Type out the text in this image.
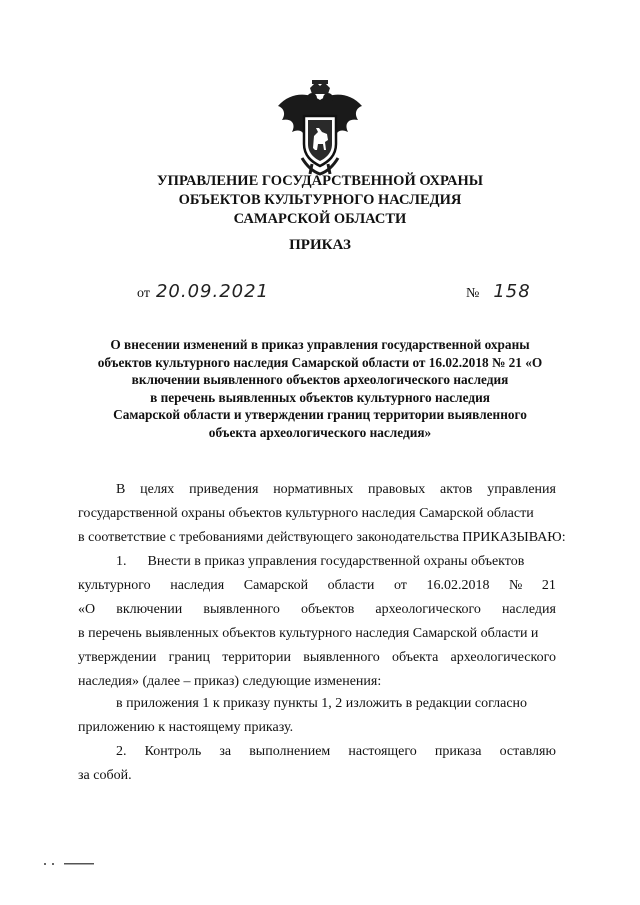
УПРАВЛЕНИЕ ГОСУДАРСТВЕННОЙ ОХРАНЫ
ОБЪЕКТОВ КУЛЬТУРНОГО НАСЛЕДИЯ
САМАРСКОЙ ОБЛАСТИ
ПРИКАЗ
от 20.09.2021	№ 158
О внесении изменений в приказ управления государственной охраны
объектов культурного наследия Самарской области от 16.02.2018 № 21 «О
включении выявленного объектов археологического наследия
в перечень выявленных объектов культурного наследия
Самарской области и утверждении границ территории выявленного
объекта археологического наследия»
В целях приведения нормативных правовых актов управления
государственной охраны объектов культурного наследия Самарской области
в соответствие с требованиями действующего законодательства ПРИКАЗЫВАЮ:
1. Внести в приказ управления государственной охраны объектов
культурного наследия Самарской области от 16.02.2018 № 21
«О включении выявленного объектов археологического наследия
в перечень выявленных объектов культурного наследия Самарской области и
утверждении границ территории выявленного объекта археологического
наследия» (далее – приказ) следующие изменения:
в приложения 1 к приказу пункты 1, 2 изложить в редакции согласно
приложению к настоящему приказу.
2. Контроль за выполнением настоящего приказа оставляю
за собой.
